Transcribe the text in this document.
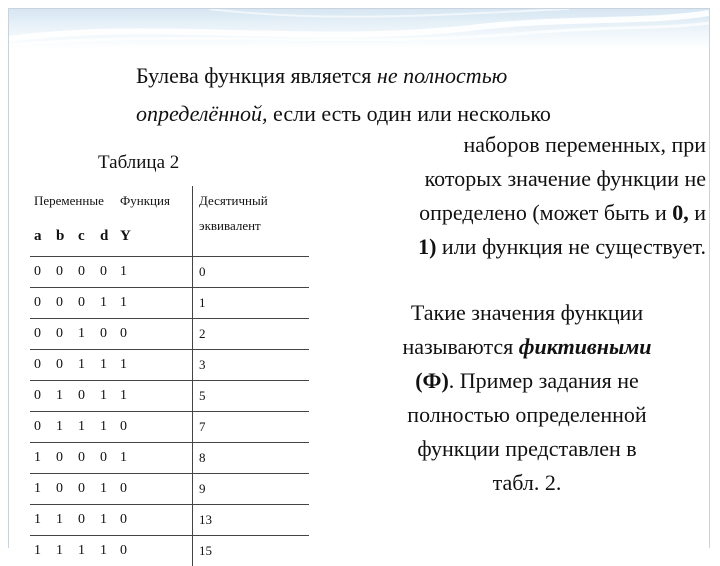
Булева функция является не полностью
определённой, если есть один или несколько
наборов переменных, при
которых значение функции не
определено (может быть и 0, и
1) или функция не существует.
Таблица 2
Переменные				Функция	Десятичный
a	b	c	d	Y	эквивалент
0	0	0	0	1	0
0	0	0	1	1	1
0	0	1	0	0	2
0	0	1	1	1	3
0	1	0	1	1	5
0	1	1	1	0	7
1	0	0	0	1	8
1	0	0	1	0	9
1	1	0	1	0	13
1	1	1	1	0	15
Такие значения функции
называются фиктивными
(Ф). Пример задания не
полностью определенной
функции представлен в
табл. 2.
